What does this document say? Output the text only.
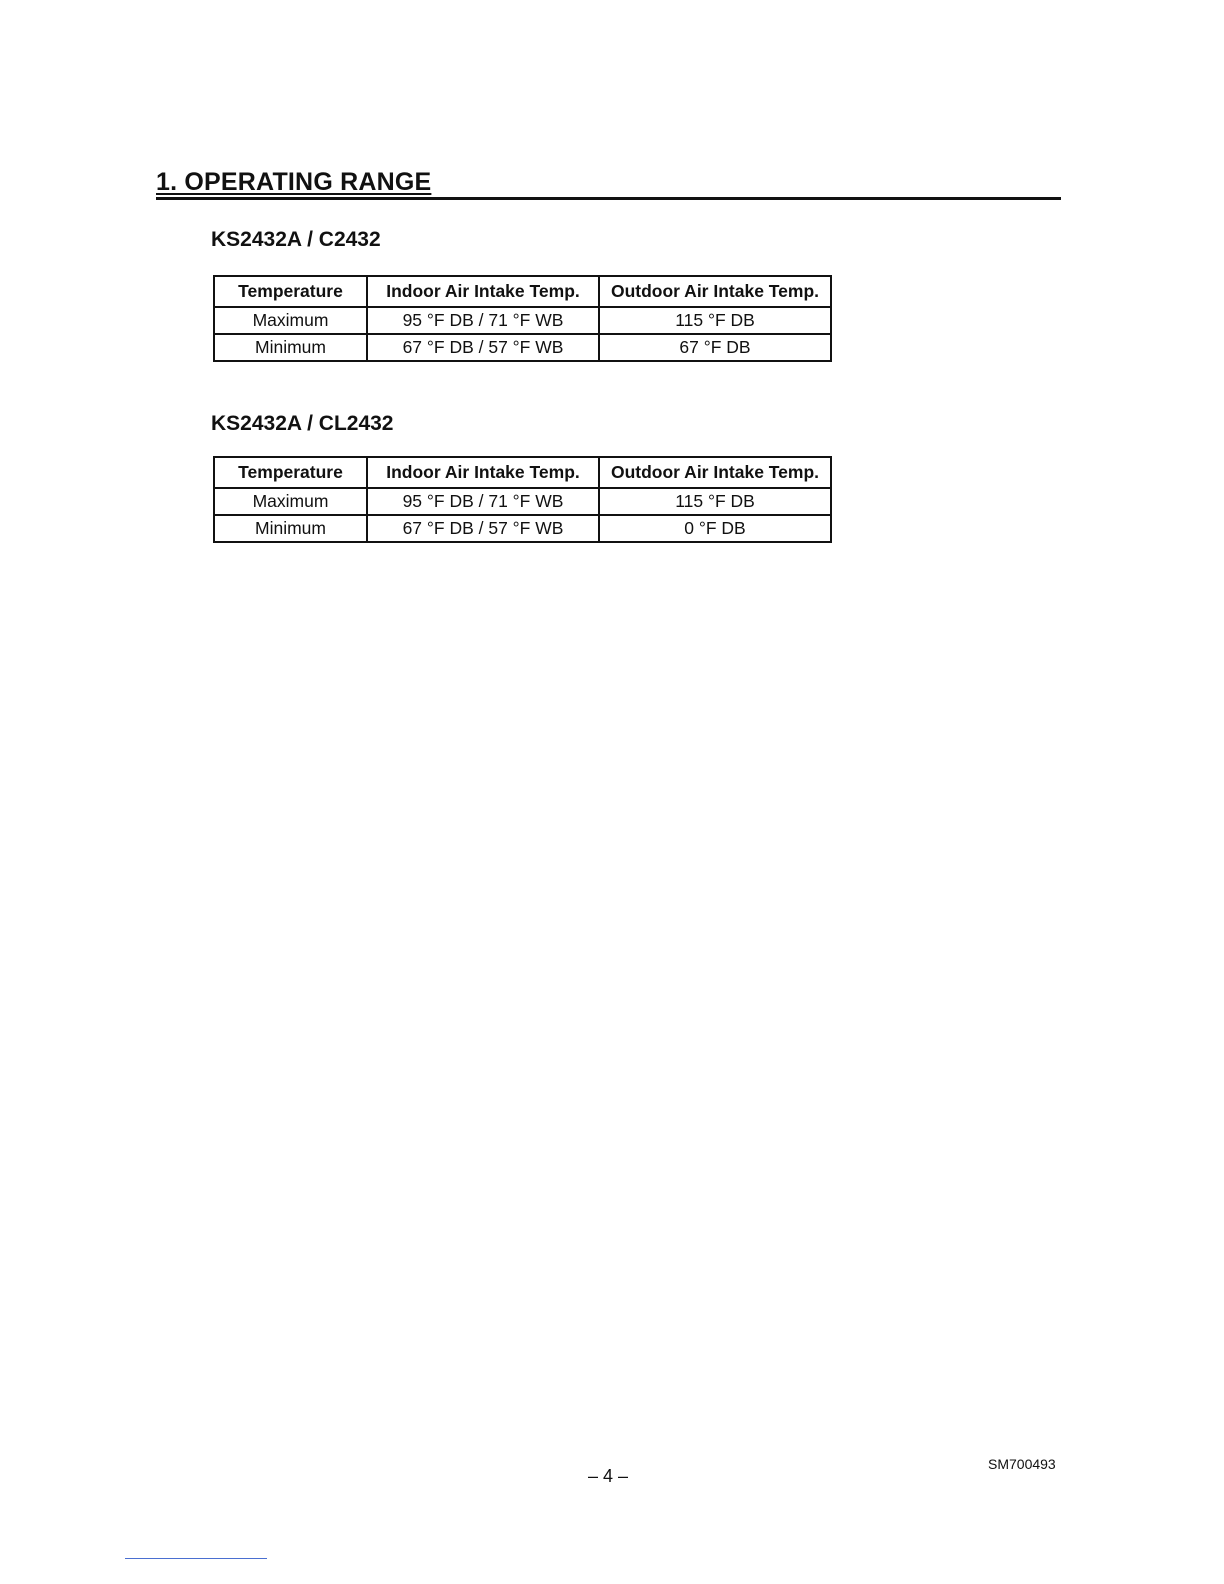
1. OPERATING RANGE
KS2432A / C2432
Temperature	Indoor Air Intake Temp.	Outdoor Air Intake Temp.
Maximum	95 °F DB / 71 °F WB	115 °F DB
Minimum	67 °F DB / 57 °F WB	67 °F DB
KS2432A / CL2432
Temperature	Indoor Air Intake Temp.	Outdoor Air Intake Temp.
Maximum	95 °F DB / 71 °F WB	115 °F DB
Minimum	67 °F DB / 57 °F WB	0 °F DB
SM700493
– 4 –
